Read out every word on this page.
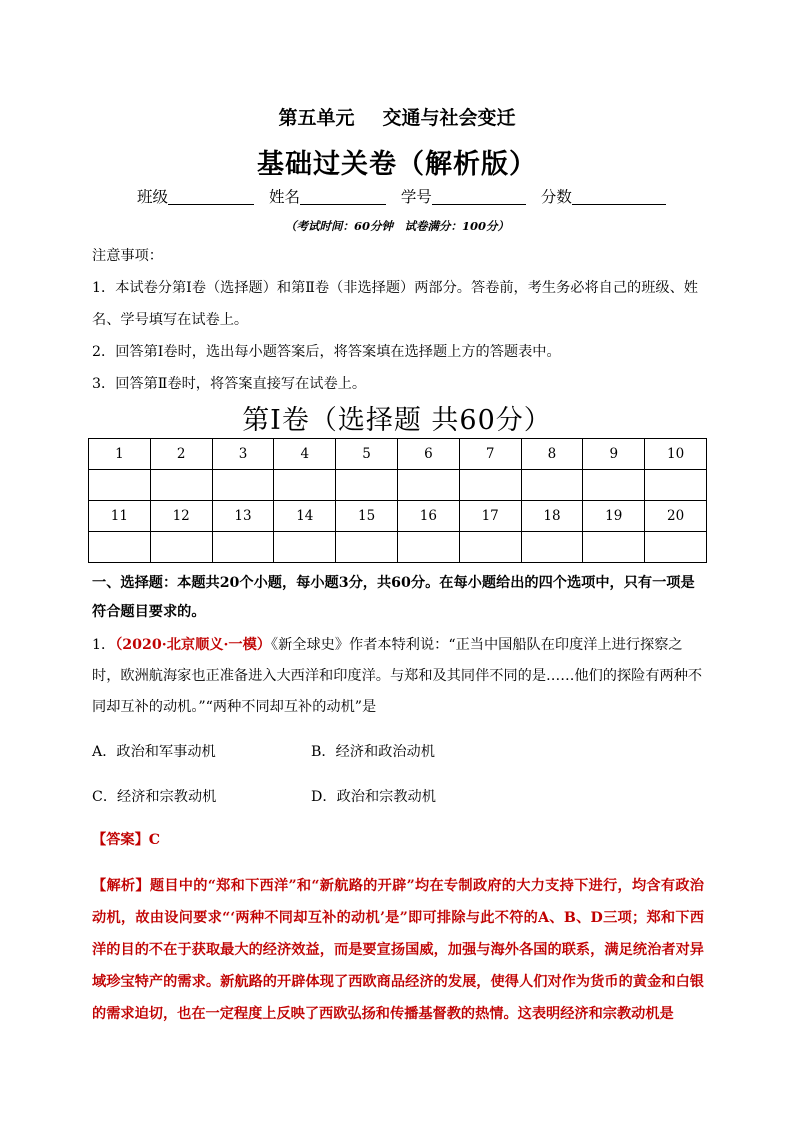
第五单元 交通与社会变迁
基础过关卷（解析版）
班级	姓名	学号	分数
（考试时间：60分钟　试卷满分：100分）

注意事项：

1．本试卷分第Ⅰ卷（选择题）和第Ⅱ卷（非选择题）两部分。答卷前，考生务必将自己的班级、姓名、学号填写在试卷上。

2．回答第Ⅰ卷时，选出每小题答案后，将答案填在选择题上方的答题表中。

3．回答第Ⅱ卷时，将答案直接写在试卷上。

第Ⅰ卷（选择题 共60分）
1	2	3	4	5	6	7	8	9	10

11	12	13	14	15	16	17	18	19	20

一、选择题：本题共20个小题，每小题3分，共60分。在每小题给出的四个选项中，只有一项是符合题目要求的。
1．（2020·北京顺义·一模）《新全球史》作者本特利说：“正当中国船队在印度洋上进行探察之时，欧洲航海家也正准备进入大西洋和印度洋。与郑和及其同伴不同的是……他们的探险有两种不同却互补的动机。”“两种不同却互补的动机”是
A．政治和军事动机	B．经济和政治动机
C．经济和宗教动机	D．政治和宗教动机
【答案】C
【解析】题目中的“郑和下西洋”和“新航路的开辟”均在专制政府的大力支持下进行，均含有政治动机，故由设问要求“‘两种不同却互补的动机’是”即可排除与此不符的A、B、D三项；郑和下西洋的目的不在于获取最大的经济效益，而是要宣扬国威，加强与海外各国的联系，满足统治者对异域珍宝特产的需求。新航路的开辟体现了西欧商品经济的发展，使得人们对作为货币的黄金和白银的需求迫切，也在一定程度上反映了西欧弘扬和传播基督教的热情。这表明经济和宗教动机是
